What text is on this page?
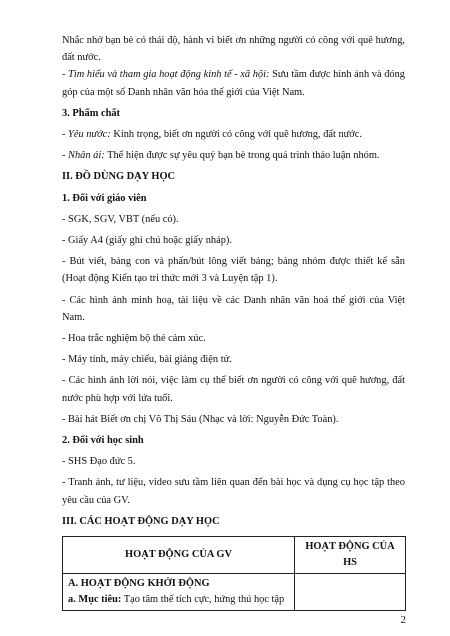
Nhắc nhở bạn bè có thái độ, hành vi biết ơn những người có công với quê hương, đất nước.

- Tìm hiểu và tham gia hoạt động kinh tế - xã hội: Sưu tầm được hình ảnh và đóng góp của một số Danh nhân văn hóa thế giới của Việt Nam.

3. Phẩm chất

- Yêu nước: Kính trọng, biết ơn người có công với quê hương, đất nước.

- Nhân ái: Thể hiện được sự yêu quý bạn bè trong quá trình thảo luận nhóm.

II. ĐỒ DÙNG DẠY HỌC

1. Đối với giáo viên

- SGK, SGV, VBT (nếu có).

- Giấy A4 (giấy ghi chú hoặc giấy nháp).

- Bút viết, bảng con và phấn/bút lông viết bảng; bảng nhóm được thiết kế sẵn (Hoạt động Kiến tạo tri thức mới 3 và Luyện tập 1).

- Các hình ảnh minh hoạ, tài liệu về các Danh nhân văn hoá thế giới của Việt Nam.

- Hoa trắc nghiệm bộ thẻ cảm xúc.

- Máy tính, máy chiếu, bài giảng điện tử.

- Các hình ảnh lời nói, việc làm cụ thể biết ơn người có công với quê hương, đất nước phù hợp với lứa tuổi.

- Bài hát Biết ơn chị Võ Thị Sáu (Nhạc và lời: Nguyễn Đức Toàn).

2. Đối với học sinh

- SHS Đạo đức 5.

- Tranh ảnh, tư liệu, video sưu tầm liên quan đến bài học và dụng cụ học tập theo yêu cầu của GV.

III. CÁC HOẠT ĐỘNG DẠY HỌC

HOẠT ĐỘNG CỦA GV	HOẠT ĐỘNG CỦA HS

A. HOẠT ĐỘNG KHỞI ĐỘNG
a. Mục tiêu: Tạo tâm thế tích cực, hứng thú học tập	

2
